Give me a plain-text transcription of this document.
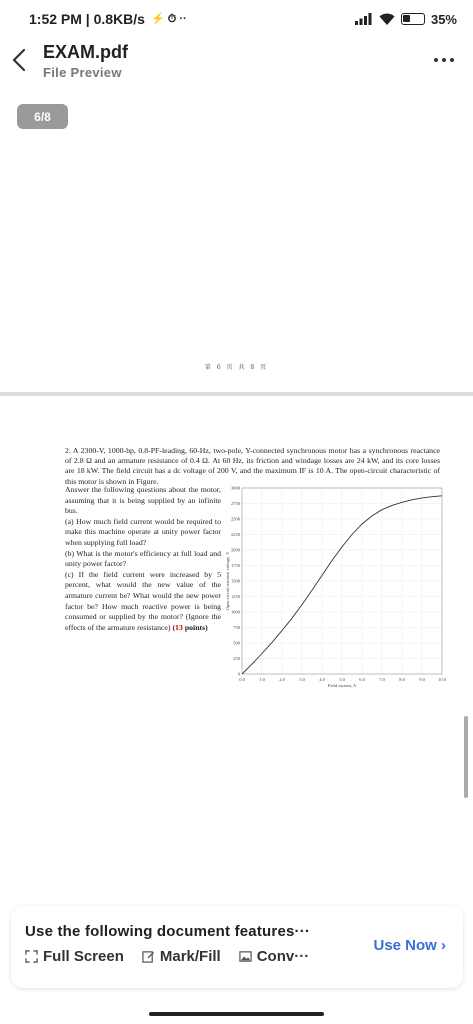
1:52 PM | 0.8KB/s ⚡ ⏱ ··	35%
EXAM.pdf
File Preview
6/8
第 6 页 共 8 页
2. A 2300-V, 1000-hp, 0.8-PF-leading, 60-Hz, two-pole, Y-connected synchronous motor has a synchronous reactance of 2.8 Ω and an armature resistance of 0.4 Ω. At 60 Hz, its friction and windage losses are 24 kW, and its core losses are 18 kW. The field circuit has a dc voltage of 200 V, and the maximum IF is 10 A. The open-circuit characteristic of this motor is shown in Figure.

Answer the following questions about the motor, assuming that it is being supplied by an infinite bus.

(a) How much field current would be required to make this machine operate at unity power factor when supplying full load?

(b) What is the motor's efficiency at full load and unity power factor?

(c) If the field current were increased by 5 percent, what would the new value of the armature current be? What would the new power factor be? How much reactive power is being consumed or supplied by the motor? (Ignore the effects of the armature resistance) (13 points)

0.0	1.0	2.0	3.0	4.0	5.0	6.0	7.0	8.0	9.0	10.0
0
250
500
750
1000
1250
1500
1750
2000
2250
2500
2750
3000
Field current, A
Open-circuit terminal voltage, V
Use the following document features···
Full Screen Mark/Fill Conv···
Use Now ›
